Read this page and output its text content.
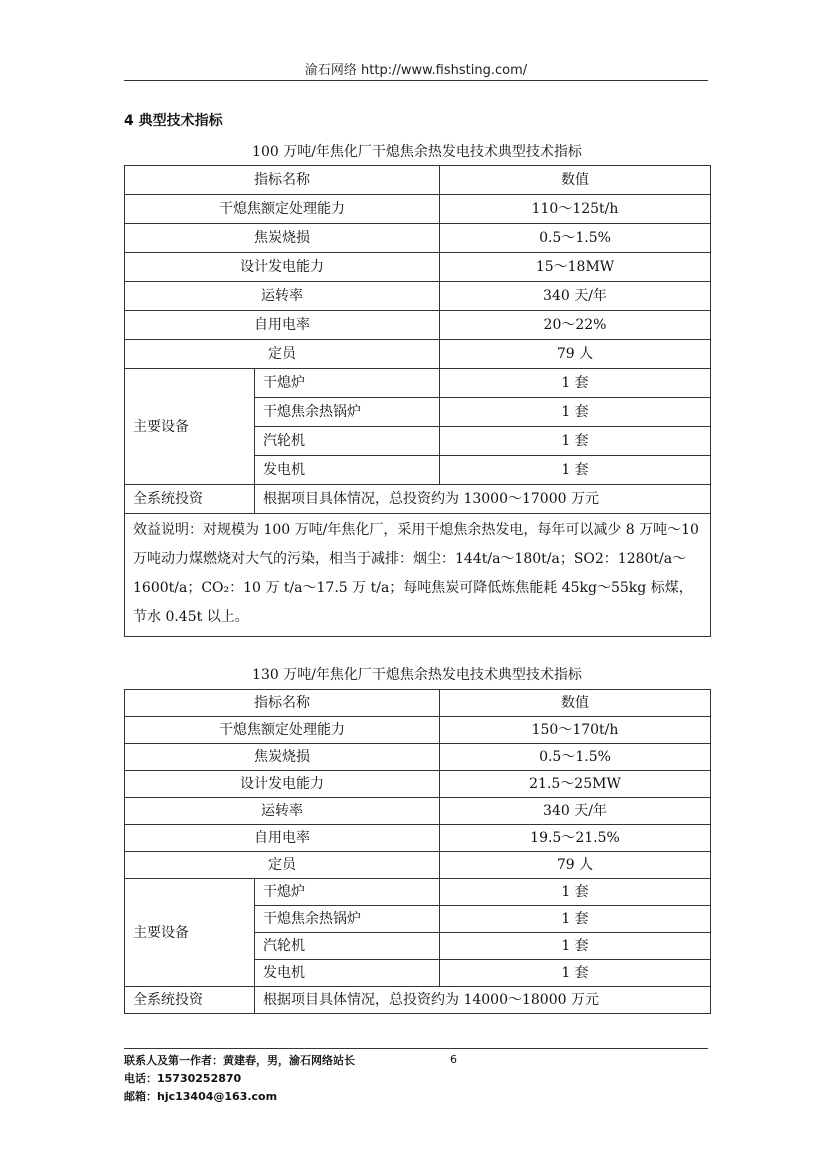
渝石网络 http://www.fishsting.com/
4 典型技术指标
100 万吨/年焦化厂干熄焦余热发电技术典型技术指标
指标名称		数值
干熄焦额定处理能力		110～125t/h
焦炭烧损		0.5～1.5%
设计发电能力		15～18MW
运转率		340 天/年
自用电率		20～22%
定员		79 人
主要设备	干熄炉	1 套
	干熄焦余热锅炉	1 套
	汽轮机	1 套
	发电机	1 套
全系统投资	根据项目具体情况，总投资约为 13000～17000 万元	
效益说明：对规模为 100 万吨/年焦化厂，采用干熄焦余热发电，每年可以减少 8 万吨～10 万吨动力煤燃烧对大气的污染，相当于减排：烟尘：144t/a～180t/a；SO2：1280t/a～1600t/a；CO₂：10 万 t/a～17.5 万 t/a；每吨焦炭可降低炼焦能耗 45kg～55kg 标煤，节水 0.45t 以上。		
130 万吨/年焦化厂干熄焦余热发电技术典型技术指标
指标名称		数值
干熄焦额定处理能力		150～170t/h
焦炭烧损		0.5～1.5%
设计发电能力		21.5～25MW
运转率		340 天/年
自用电率		19.5～21.5%
定员		79 人
主要设备	干熄炉	1 套
	干熄焦余热锅炉	1 套
	汽轮机	1 套
	发电机	1 套
全系统投资	根据项目具体情况，总投资约为 14000～18000 万元	
联系人及第一作者：黄建春，男，渝石网络站长
电话：15730252870
邮箱：hjc13404@163.com
6
